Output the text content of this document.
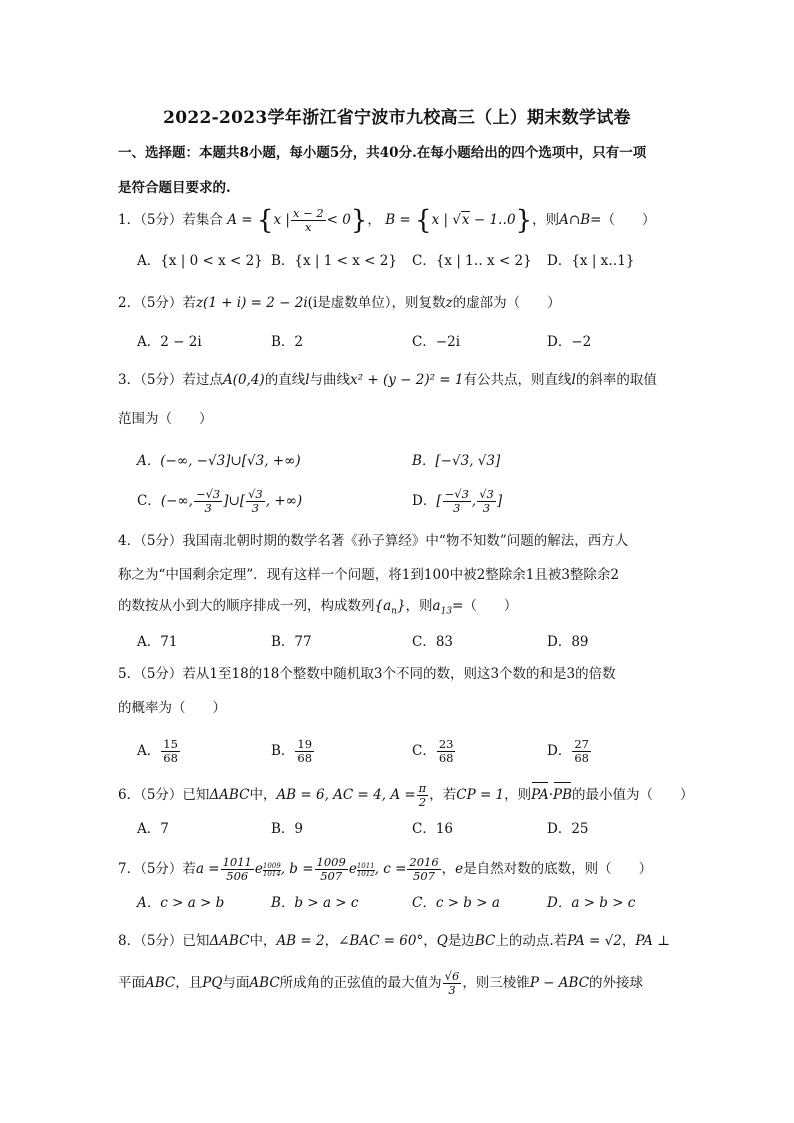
2022-2023学年浙江省宁波市九校高三（上）期末数学试卷
一、选择题：本题共8小题，每小题5分，共40分.在每小题给出的四个选项中，只有一项
是符合题目要求的.
1．（5分）若集合 A = {x | $\frac{x - 2}{x} < 0$}， B = {x | √x − 1‥0}，则A∩B=（　　）
A．{x | 0 < x < 2} B．{x | 1 < x < 2} C．{x | 1‥ x < 2} D．{x | x‥1}
2．（5分）若z(1 + i) = 2 − 2i(i是虚数单位），则复数z的虚部为（　　）
A．2 − 2i	B．2	C．−2i	D．−2
3．（5分）若过点A(0,4)的直线l与曲线x² + (y − 2)² = 1有公共点，则直线l的斜率的取值
范围为（　　）
A．(−∞, −√3]∪[√3, +∞)	B．[−√3, √3]
C．(−∞, $\frac{-√3}{3}$ ]∪[ $\frac{√3}{3}$ , +∞)	D．[ $\frac{-√3}{3}$ , $\frac{√3}{3}$ ]
4．（5分）我国南北朝时期的数学名著《孙子算经》中“物不知数”问题的解法，西方人
称之为“中国剩余定理”．现有这样一个问题，将1到100中被2整除余1且被3整除余2
的数按从小到大的顺序排成一列，构成数列$\{a_n\}$，则$a_{13}=$（　　）
A．71	B．77	C．83	D．89
5．（5分）若从1至18的18个整数中随机取3个不同的数，则这3个数的和是3的倍数
的概率为（　　）
A． $\frac{15}{68}$	B． $\frac{19}{68}$	C． $\frac{23}{68}$	D． $\frac{27}{68}$
6．（5分）已知ΔABC中，AB = 6, AC = 4, $A = \frac{\pi}{2}$ ，若CP = 1，则PA·PB的最小值为（　　）
A．7	B．9	C．16	D．25
7．（5分）若$a = \frac{1011}{506}$ e $\frac{1009}{1014}$ , $b = \frac{1009}{507}$ e $\frac{1011}{1012}$ , $c = \frac{2016}{507}$ ，e是自然对数的底数，则（　　）
A．c > a > b	B．b > a > c	C．c > b > a	D．a > b > c
8．（5分）已知ΔABC中，AB = 2，∠BAC = 60°，Q是边BC上的动点.若PA = √2，PA ⊥
平面ABC，且PQ与面ABC所成角的正弦值的最大值为 $\frac{√6}{3}$ ，则三棱锥P − ABC的外接球
